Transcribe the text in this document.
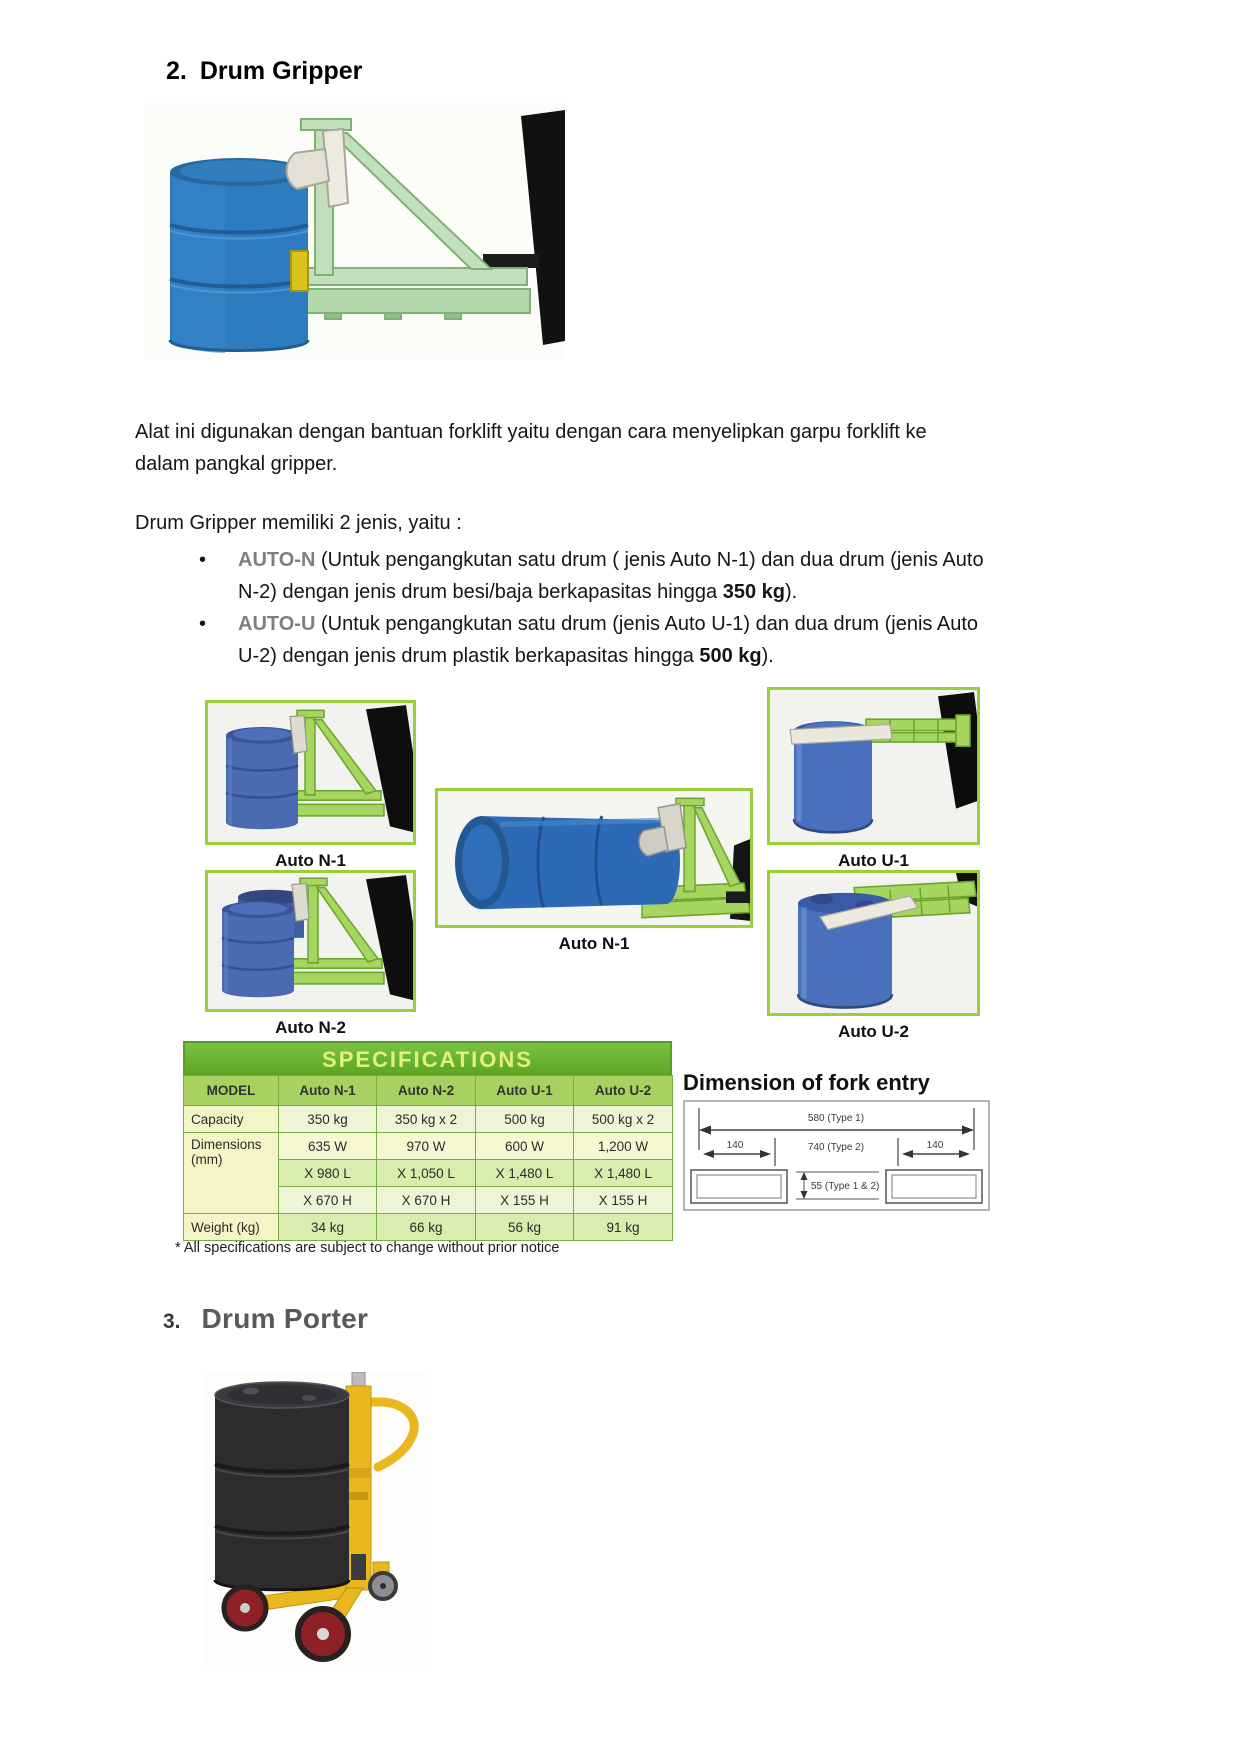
2. Drum Gripper
Alat ini digunakan dengan bantuan forklift yaitu dengan cara menyelipkan garpu forklift ke
dalam pangkal gripper.
Drum Gripper memiliki 2 jenis, yaitu :
•	AUTO-N (Untuk pengangkutan satu drum ( jenis Auto N-1) dan dua drum (jenis Auto
N-2) dengan jenis drum besi/baja berkapasitas hingga 350 kg).
•	AUTO-U (Untuk pengangkutan satu drum (jenis Auto U-1) dan dua drum (jenis Auto
U-2) dengan jenis drum plastik berkapasitas hingga 500 kg).
Auto N-1
Auto N-2
Auto N-1
Auto U-1
Auto U-2
SPECIFICATIONS
MODEL	Auto N-1	Auto N-2	Auto U-1	Auto U-2
Capacity	350 kg	350 kg x 2	500 kg	500 kg x 2

Dimensions
(mm)	635 W	970 W	600 W	1,200 W
	X 980 L	X 1,050 L	X 1,480 L	X 1,480 L
	X 670 H	X 670 H	X 155 H	X 155 H
Weight (kg)	34 kg	66 kg	56 kg	91 kg
* All specifications are subject to change without prior notice
Dimension of fork entry
580 (Type 1)
140	740 (Type 2)	140
55 (Type 1 & 2)
3. Drum Porter
